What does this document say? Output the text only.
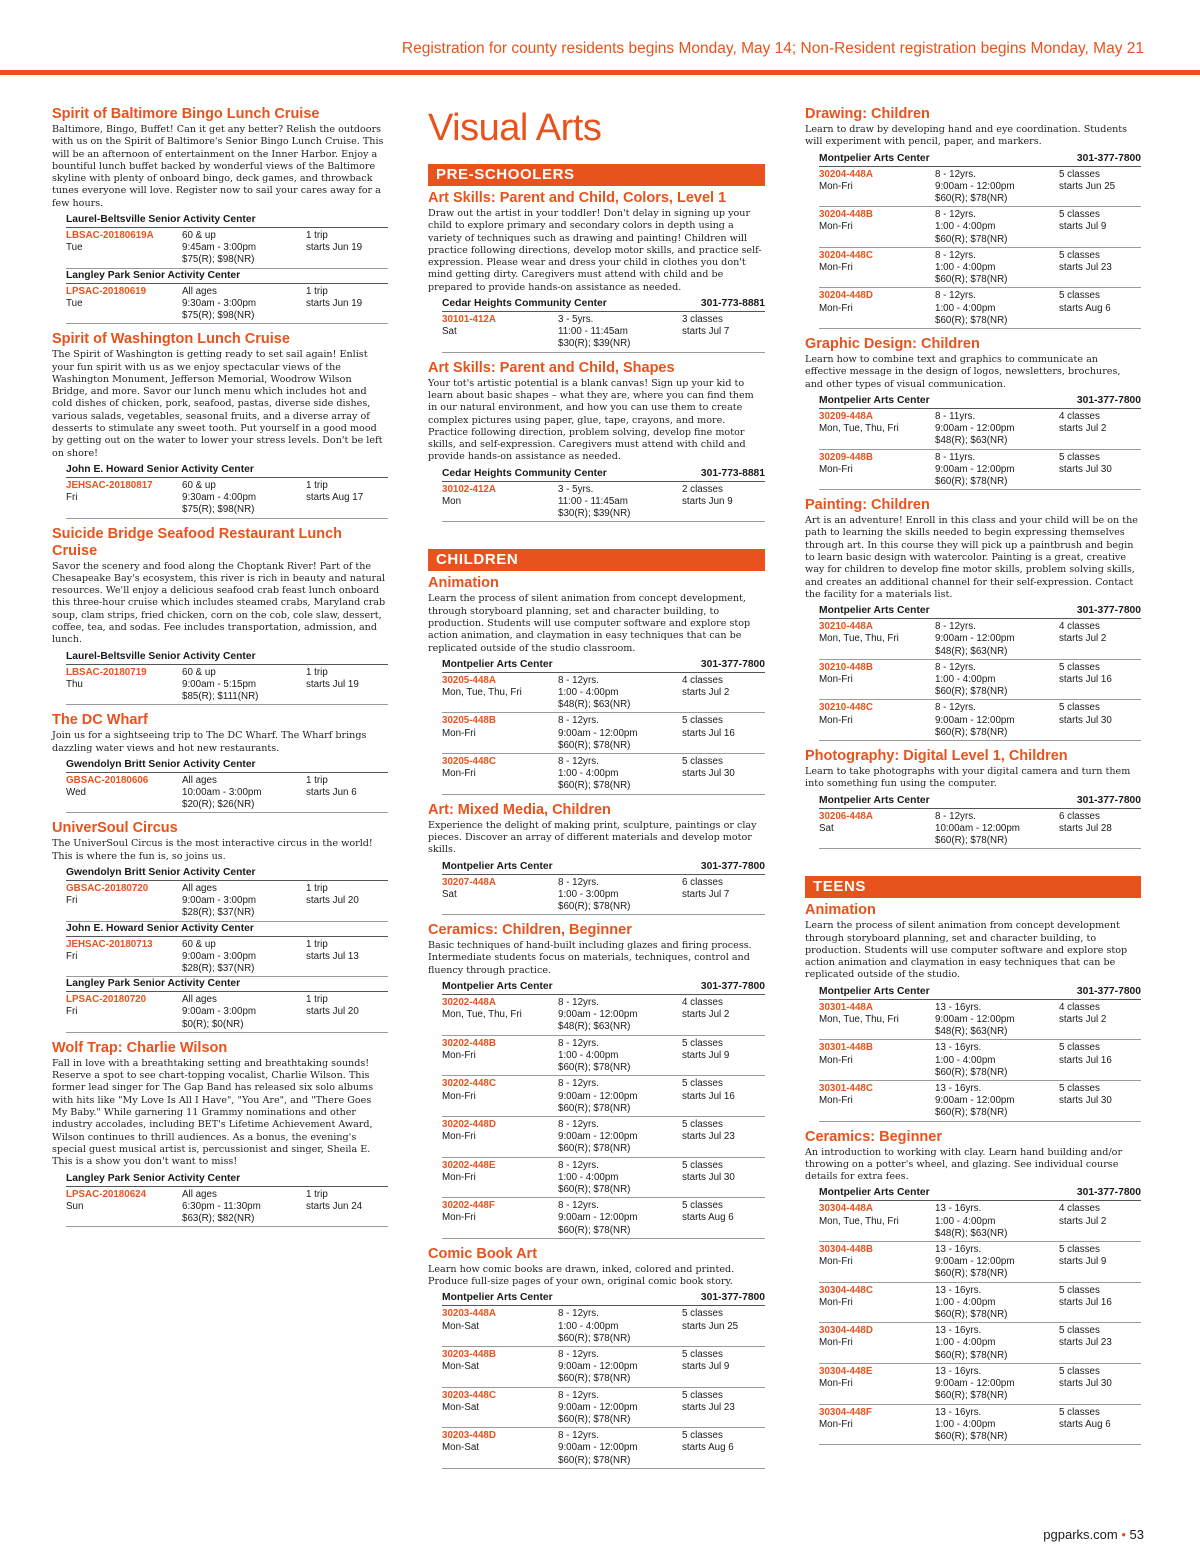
Registration for county residents begins Monday, May 14; Non-Resident registration begins Monday, May 21
Spirit of Baltimore Bingo Lunch Cruise

Baltimore, Bingo, Buffet! Can it get any better? Relish the outdoors with us on the Spirit of Baltimore's Senior Bingo Lunch Cruise. This will be an afternoon of entertainment on the Inner Harbor. Enjoy a bountiful lunch buffet backed by wonderful views of the Baltimore skyline with plenty of onboard bingo, deck games, and throwback tunes everyone will love. Register now to sail your cares away for a few hours.

Laurel-Beltsville Senior Activity Center
LBSAC-20180619A	60 & up	1 trip
Tue	9:45am - 3:00pm	starts Jun 19
$75(R); $98(NR)
Langley Park Senior Activity Center
LPSAC-20180619	All ages	1 trip
Tue	9:30am - 3:00pm	starts Jun 19
$75(R); $98(NR)
Spirit of Washington Lunch Cruise

The Spirit of Washington is getting ready to set sail again! Enlist your fun spirit with us as we enjoy spectacular views of the Washington Monument, Jefferson Memorial, Woodrow Wilson Bridge, and more. Savor our lunch menu which includes hot and cold dishes of chicken, pork, seafood, pastas, diverse side dishes, various salads, vegetables, seasonal fruits, and a diverse array of desserts to stimulate any sweet tooth. Put yourself in a good mood by getting out on the water to lower your stress levels. Don't be left on shore!

John E. Howard Senior Activity Center
JEHSAC-20180817	60 & up	1 trip
Fri	9:30am - 4:00pm	starts Aug 17
$75(R); $98(NR)
Suicide Bridge Seafood Restaurant Lunch Cruise

Savor the scenery and food along the Choptank River! Part of the Chesapeake Bay's ecosystem, this river is rich in beauty and natural resources. We'll enjoy a delicious seafood crab feast lunch onboard this three-hour cruise which includes steamed crabs, Maryland crab soup, clam strips, fried chicken, corn on the cob, cole slaw, dessert, coffee, tea, and sodas. Fee includes transportation, admission, and lunch.

Laurel-Beltsville Senior Activity Center
LBSAC-20180719	60 & up	1 trip
Thu	9:00am - 5:15pm	starts Jul 19
$85(R); $111(NR)
The DC Wharf

Join us for a sightseeing trip to The DC Wharf. The Wharf brings dazzling water views and hot new restaurants.

Gwendolyn Britt Senior Activity Center
GBSAC-20180606	All ages	1 trip
Wed	10:00am - 3:00pm	starts Jun 6
$20(R); $26(NR)
UniverSoul Circus

The UniverSoul Circus is the most interactive circus in the world! This is where the fun is, so joins us.

Gwendolyn Britt Senior Activity Center
GBSAC-20180720	All ages	1 trip
Fri	9:00am - 3:00pm	starts Jul 20
$28(R); $37(NR)
John E. Howard Senior Activity Center
JEHSAC-20180713	60 & up	1 trip
Fri	9:00am - 3:00pm	starts Jul 13
$28(R); $37(NR)
Langley Park Senior Activity Center
LPSAC-20180720	All ages	1 trip
Fri	9:00am - 3:00pm	starts Jul 20
$0(R); $0(NR)
Wolf Trap: Charlie Wilson

Fall in love with a breathtaking setting and breathtaking sounds! Reserve a spot to see chart-topping vocalist, Charlie Wilson. This former lead singer for The Gap Band has released six solo albums with hits like "My Love Is All I Have", "You Are", and "There Goes My Baby." While garnering 11 Grammy nominations and other industry accolades, including BET's Lifetime Achievement Award, Wilson continues to thrill audiences. As a bonus, the evening's special guest musical artist is, percussionist and singer, Sheila E. This is a show you don't want to miss!

Langley Park Senior Activity Center
LPSAC-20180624	All ages	1 trip
Sun	6:30pm - 11:30pm	starts Jun 24
$63(R); $82(NR)
Visual Arts
PRE-SCHOOLERS
Art Skills: Parent and Child, Colors, Level 1

Draw out the artist in your toddler! Don't delay in signing up your child to explore primary and secondary colors in depth using a variety of techniques such as drawing and painting! Children will practice following directions, develop motor skills, and practice self-expression. Please wear and dress your child in clothes you don't mind getting dirty. Caregivers must attend with child and be prepared to provide hands-on assistance as needed.

Cedar Heights Community Center	301-773-8881
30101-412A	3 - 5yrs.	3 classes
Sat	11:00 - 11:45am	starts Jul 7
$30(R); $39(NR)
Art Skills: Parent and Child, Shapes

Your tot's artistic potential is a blank canvas! Sign up your kid to learn about basic shapes – what they are, where you can find them in our natural environment, and how you can use them to create complex pictures using paper, glue, tape, crayons, and more. Practice following direction, problem solving, develop fine motor skills, and self-expression. Caregivers must attend with child and provide hands-on assistance as needed.

Cedar Heights Community Center	301-773-8881
30102-412A	3 - 5yrs.	2 classes
Mon	11:00 - 11:45am	starts Jun 9
$30(R); $39(NR)
CHILDREN
Animation

Learn the process of silent animation from concept development, through storyboard planning, set and character building, to production. Students will use computer software and explore stop action animation, and claymation in easy techniques that can be replicated outside of the studio classroom.

Montpelier Arts Center	301-377-7800
30205-448A	8 - 12yrs.	4 classes
Mon, Tue, Thu, Fri	1:00 - 4:00pm	starts Jul 2
$48(R); $63(NR)
30205-448B	8 - 12yrs.	5 classes
Mon-Fri	9:00am - 12:00pm	starts Jul 16
$60(R); $78(NR)
30205-448C	8 - 12yrs.	5 classes
Mon-Fri	1:00 - 4:00pm	starts Jul 30
$60(R); $78(NR)
Art: Mixed Media, Children

Experience the delight of making print, sculpture, paintings or clay pieces. Discover an array of different materials and develop motor skills.

Montpelier Arts Center	301-377-7800
30207-448A	8 - 12yrs.	6 classes
Sat	1:00 - 3:00pm	starts Jul 7
$60(R); $78(NR)
Ceramics: Children, Beginner

Basic techniques of hand-built including glazes and firing process. Intermediate students focus on materials, techniques, control and fluency through practice.

Montpelier Arts Center	301-377-7800
30202-448A	8 - 12yrs.	4 classes
Mon, Tue, Thu, Fri	9:00am - 12:00pm	starts Jul 2
$48(R); $63(NR)
30202-448B	8 - 12yrs.	5 classes
Mon-Fri	1:00 - 4:00pm	starts Jul 9
$60(R); $78(NR)
30202-448C	8 - 12yrs.	5 classes
Mon-Fri	9:00am - 12:00pm	starts Jul 16
$60(R); $78(NR)
30202-448D	8 - 12yrs.	5 classes
Mon-Fri	9:00am - 12:00pm	starts Jul 23
$60(R); $78(NR)
30202-448E	8 - 12yrs.	5 classes
Mon-Fri	1:00 - 4:00pm	starts Jul 30
$60(R); $78(NR)
30202-448F	8 - 12yrs.	5 classes
Mon-Fri	9:00am - 12:00pm	starts Aug 6
$60(R); $78(NR)
Comic Book Art

Learn how comic books are drawn, inked, colored and printed. Produce full-size pages of your own, original comic book story.

Montpelier Arts Center	301-377-7800
30203-448A	8 - 12yrs.	5 classes
Mon-Sat	1:00 - 4:00pm	starts Jun 25
$60(R); $78(NR)
30203-448B	8 - 12yrs.	5 classes
Mon-Sat	9:00am - 12:00pm	starts Jul 9
$60(R); $78(NR)
30203-448C	8 - 12yrs.	5 classes
Mon-Sat	9:00am - 12:00pm	starts Jul 23
$60(R); $78(NR)
30203-448D	8 - 12yrs.	5 classes
Mon-Sat	9:00am - 12:00pm	starts Aug 6
$60(R); $78(NR)
Drawing: Children

Learn to draw by developing hand and eye coordination. Students will experiment with pencil, paper, and markers.

Montpelier Arts Center	301-377-7800
30204-448A	8 - 12yrs.	5 classes
Mon-Fri	9:00am - 12:00pm	starts Jun 25
$60(R); $78(NR)
30204-448B	8 - 12yrs.	5 classes
Mon-Fri	1:00 - 4:00pm	starts Jul 9
$60(R); $78(NR)
30204-448C	8 - 12yrs.	5 classes
Mon-Fri	1:00 - 4:00pm	starts Jul 23
$60(R); $78(NR)
30204-448D	8 - 12yrs.	5 classes
Mon-Fri	1:00 - 4:00pm	starts Aug 6
$60(R); $78(NR)
Graphic Design: Children

Learn how to combine text and graphics to communicate an effective message in the design of logos, newsletters, brochures, and other types of visual communication.

Montpelier Arts Center	301-377-7800
30209-448A	8 - 11yrs.	4 classes
Mon, Tue, Thu, Fri	9:00am - 12:00pm	starts Jul 2
$48(R); $63(NR)
30209-448B	8 - 11yrs.	5 classes
Mon-Fri	9:00am - 12:00pm	starts Jul 30
$60(R); $78(NR)
Painting: Children

Art is an adventure! Enroll in this class and your child will be on the path to learning the skills needed to begin expressing themselves through art. In this course they will pick up a paintbrush and begin to learn basic design with watercolor. Painting is a great, creative way for children to develop fine motor skills, problem solving skills, and creates an additional channel for their self-expression. Contact the facility for a materials list.

Montpelier Arts Center	301-377-7800
30210-448A	8 - 12yrs.	4 classes
Mon, Tue, Thu, Fri	9:00am - 12:00pm	starts Jul 2
$48(R); $63(NR)
30210-448B	8 - 12yrs.	5 classes
Mon-Fri	1:00 - 4:00pm	starts Jul 16
$60(R); $78(NR)
30210-448C	8 - 12yrs.	5 classes
Mon-Fri	9:00am - 12:00pm	starts Jul 30
$60(R); $78(NR)
Photography: Digital Level 1, Children

Learn to take photographs with your digital camera and turn them into something fun using the computer.

Montpelier Arts Center	301-377-7800
30206-448A	8 - 12yrs.	6 classes
Sat	10:00am - 12:00pm	starts Jul 28
$60(R); $78(NR)
TEENS
Animation

Learn the process of silent animation from concept development through storyboard planning, set and character building, to production. Students will use computer software and explore stop action animation and claymation in easy techniques that can be replicated outside of the studio.

Montpelier Arts Center	301-377-7800
30301-448A	13 - 16yrs.	4 classes
Mon, Tue, Thu, Fri	9:00am - 12:00pm	starts Jul 2
$48(R); $63(NR)
30301-448B	13 - 16yrs.	5 classes
Mon-Fri	1:00 - 4:00pm	starts Jul 16
$60(R); $78(NR)
30301-448C	13 - 16yrs.	5 classes
Mon-Fri	9:00am - 12:00pm	starts Jul 30
$60(R); $78(NR)
Ceramics: Beginner

An introduction to working with clay. Learn hand building and/or throwing on a potter's wheel, and glazing. See individual course details for extra fees.

Montpelier Arts Center	301-377-7800
30304-448A	13 - 16yrs.	4 classes
Mon, Tue, Thu, Fri	1:00 - 4:00pm	starts Jul 2
$48(R); $63(NR)
30304-448B	13 - 16yrs.	5 classes
Mon-Fri	9:00am - 12:00pm	starts Jul 9
$60(R); $78(NR)
30304-448C	13 - 16yrs.	5 classes
Mon-Fri	1:00 - 4:00pm	starts Jul 16
$60(R); $78(NR)
30304-448D	13 - 16yrs.	5 classes
Mon-Fri	1:00 - 4:00pm	starts Jul 23
$60(R); $78(NR)
30304-448E	13 - 16yrs.	5 classes
Mon-Fri	9:00am - 12:00pm	starts Jul 30
$60(R); $78(NR)
30304-448F	13 - 16yrs.	5 classes
Mon-Fri	1:00 - 4:00pm	starts Aug 6
$60(R); $78(NR)
pgparks.com • 53
